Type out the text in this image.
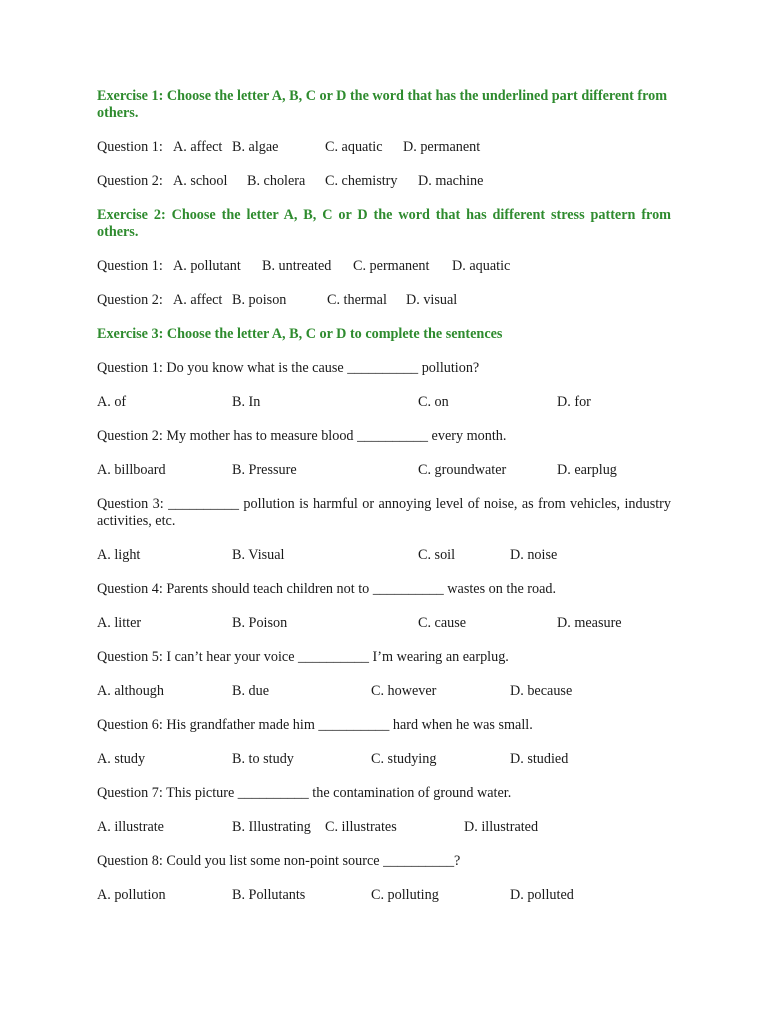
Exercise 1: Choose the letter A, B, C or D the word that has the underlined part different from others.

Question 1: A. affect B. algae	C. aquatic D. permanent
Question 2: A. school B. cholera C. chemistry D. machine

Exercise 2: Choose the letter A, B, C or D the word that has different stress pattern from others.

Question 1: A. pollutant B. untreated C. permanent D. aquatic
Question 2: A. affect B. poison	C. thermal D. visual

Exercise 3: Choose the letter A, B, C or D to complete the sentences

Question 1: Do you know what is the cause __________ pollution?

A. of	B. In	C. on	D. for

Question 2: My mother has to measure blood __________ every month.

A. billboard	B. Pressure	C. groundwater	D. earplug

Question 3: __________ pollution is harmful or annoying level of noise, as from vehicles, industry activities, etc.

A. light	B. Visual	C. soil	D. noise

Question 4: Parents should teach children not to __________ wastes on the road.

A. litter	B. Poison	C. cause	D. measure

Question 5: I can’t hear your voice __________ I’m wearing an earplug.

A. although	B. due	C. however	D. because

Question 6: His grandfather made him __________ hard when he was small.

A. study	B. to study	C. studying	D. studied

Question 7: This picture __________ the contamination of ground water.

A. illustrate	B. Illustrating C. illustrates	D. illustrated

Question 8: Could you list some non-point source __________?

A. pollution	B. Pollutants	C. polluting	D. polluted
